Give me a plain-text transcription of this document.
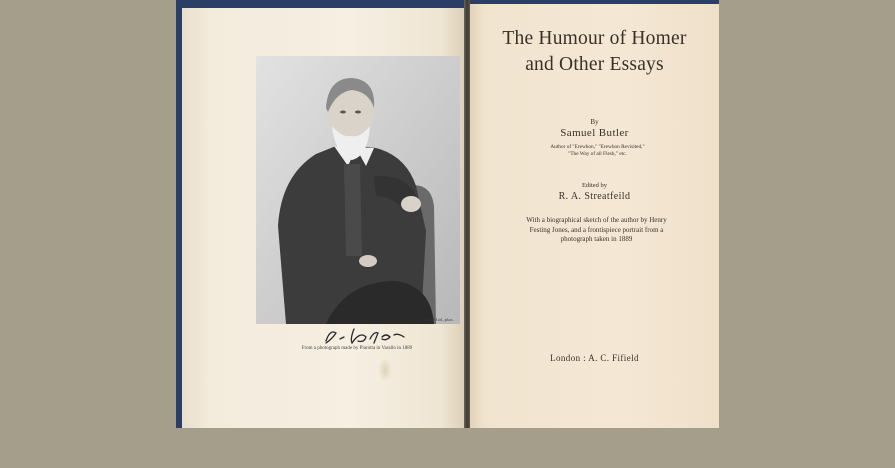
Emery Walker Ltd., ph.sc.
From a photograph made by Piarotta in Varallo in 1889
The Humour of Homer
and Other Essays
By
Samuel Butler
Author of "Erewhon," "Erewhon Revisited,"
"The Way of all Flesh," etc.
Edited by
R. A. Streatfeild
With a biographical sketch of the author by Henry
Festing Jones, and a frontispiece portrait from a
photograph taken in 1889
London : A. C. Fifield
